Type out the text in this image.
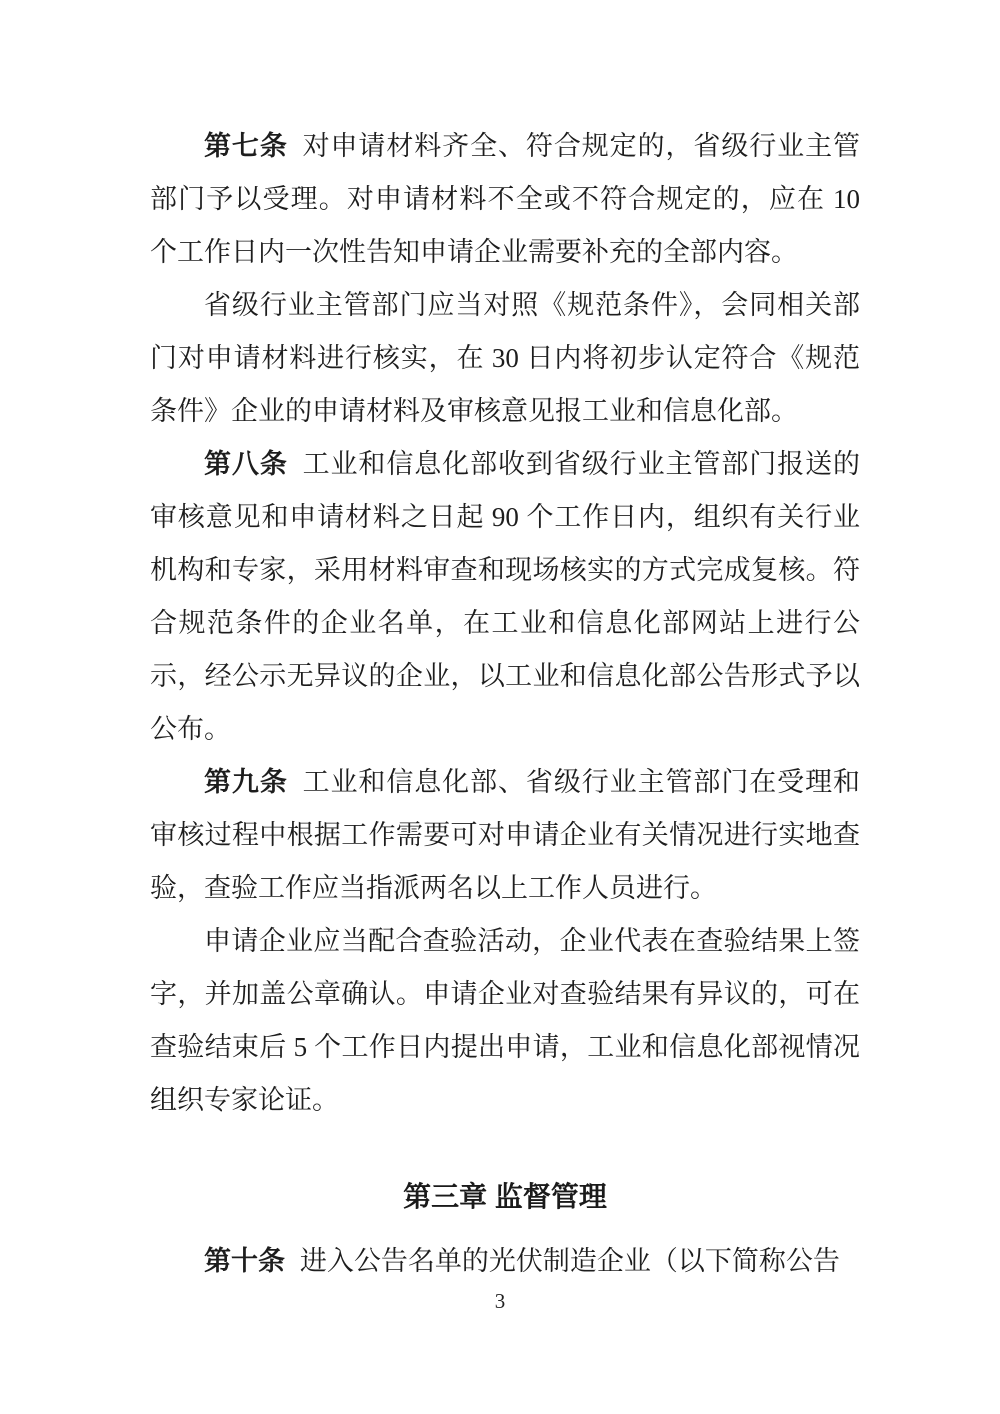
第七条 对申请材料齐全、符合规定的，省级行业主管部门予以受理。对申请材料不全或不符合规定的，应在 10 个工作日内一次性告知申请企业需要补充的全部内容。

省级行业主管部门应当对照《规范条件》，会同相关部门对申请材料进行核实，在 30 日内将初步认定符合《规范条件》企业的申请材料及审核意见报工业和信息化部。

第八条 工业和信息化部收到省级行业主管部门报送的审核意见和申请材料之日起 90 个工作日内，组织有关行业机构和专家，采用材料审查和现场核实的方式完成复核。符合规范条件的企业名单，在工业和信息化部网站上进行公示，经公示无异议的企业，以工业和信息化部公告形式予以公布。

第九条 工业和信息化部、省级行业主管部门在受理和审核过程中根据工作需要可对申请企业有关情况进行实地查验，查验工作应当指派两名以上工作人员进行。

申请企业应当配合查验活动，企业代表在查验结果上签字，并加盖公章确认。申请企业对查验结果有异议的，可在查验结束后 5 个工作日内提出申请，工业和信息化部视情况组织专家论证。

第三章 监督管理

第十条 进入公告名单的光伏制造企业（以下简称公告

3
